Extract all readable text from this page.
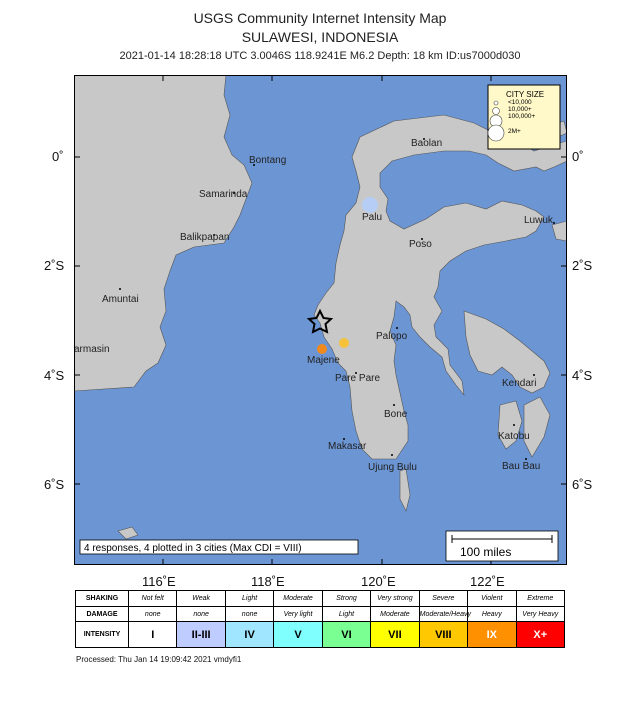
USGS Community Internet Intensity Map
SULAWESI, INDONESIA
2021-01-14 18:28:18 UTC 3.0046S 118.9241E M6.2 Depth: 18 km ID:us7000d030
Bontang
Samarinda
Balikpapan
Amuntai
armasin
Baolan
Palu	Luwuk
Poso
Palopo
Majene
Pare Pare
Bone
Makasar
Ujung Bulu
Kendari
Katobu
Bau Bau
CITY SIZE
<10,000
10,000+
100,000+
2M+
4 responses, 4 plotted in 3 cities (Max CDI = VIII)	100 miles
0˚	0˚
2˚S	2˚S
4˚S	4˚S
6˚S	6˚S
116˚E	118˚E	120˚E	122˚E
SHAKING	Not felt	Weak	Light	Moderate	Strong	Very strong	Severe	Violent	Extreme
DAMAGE	none	none	none	Very light	Light	Moderate	Moderate/Heavy	Heavy	Very Heavy
INTENSITY	I	II-III	IV	V	VI	VII	VIII	IX	X+
Processed: Thu Jan 14 19:09:42 2021 vmdyfi1
